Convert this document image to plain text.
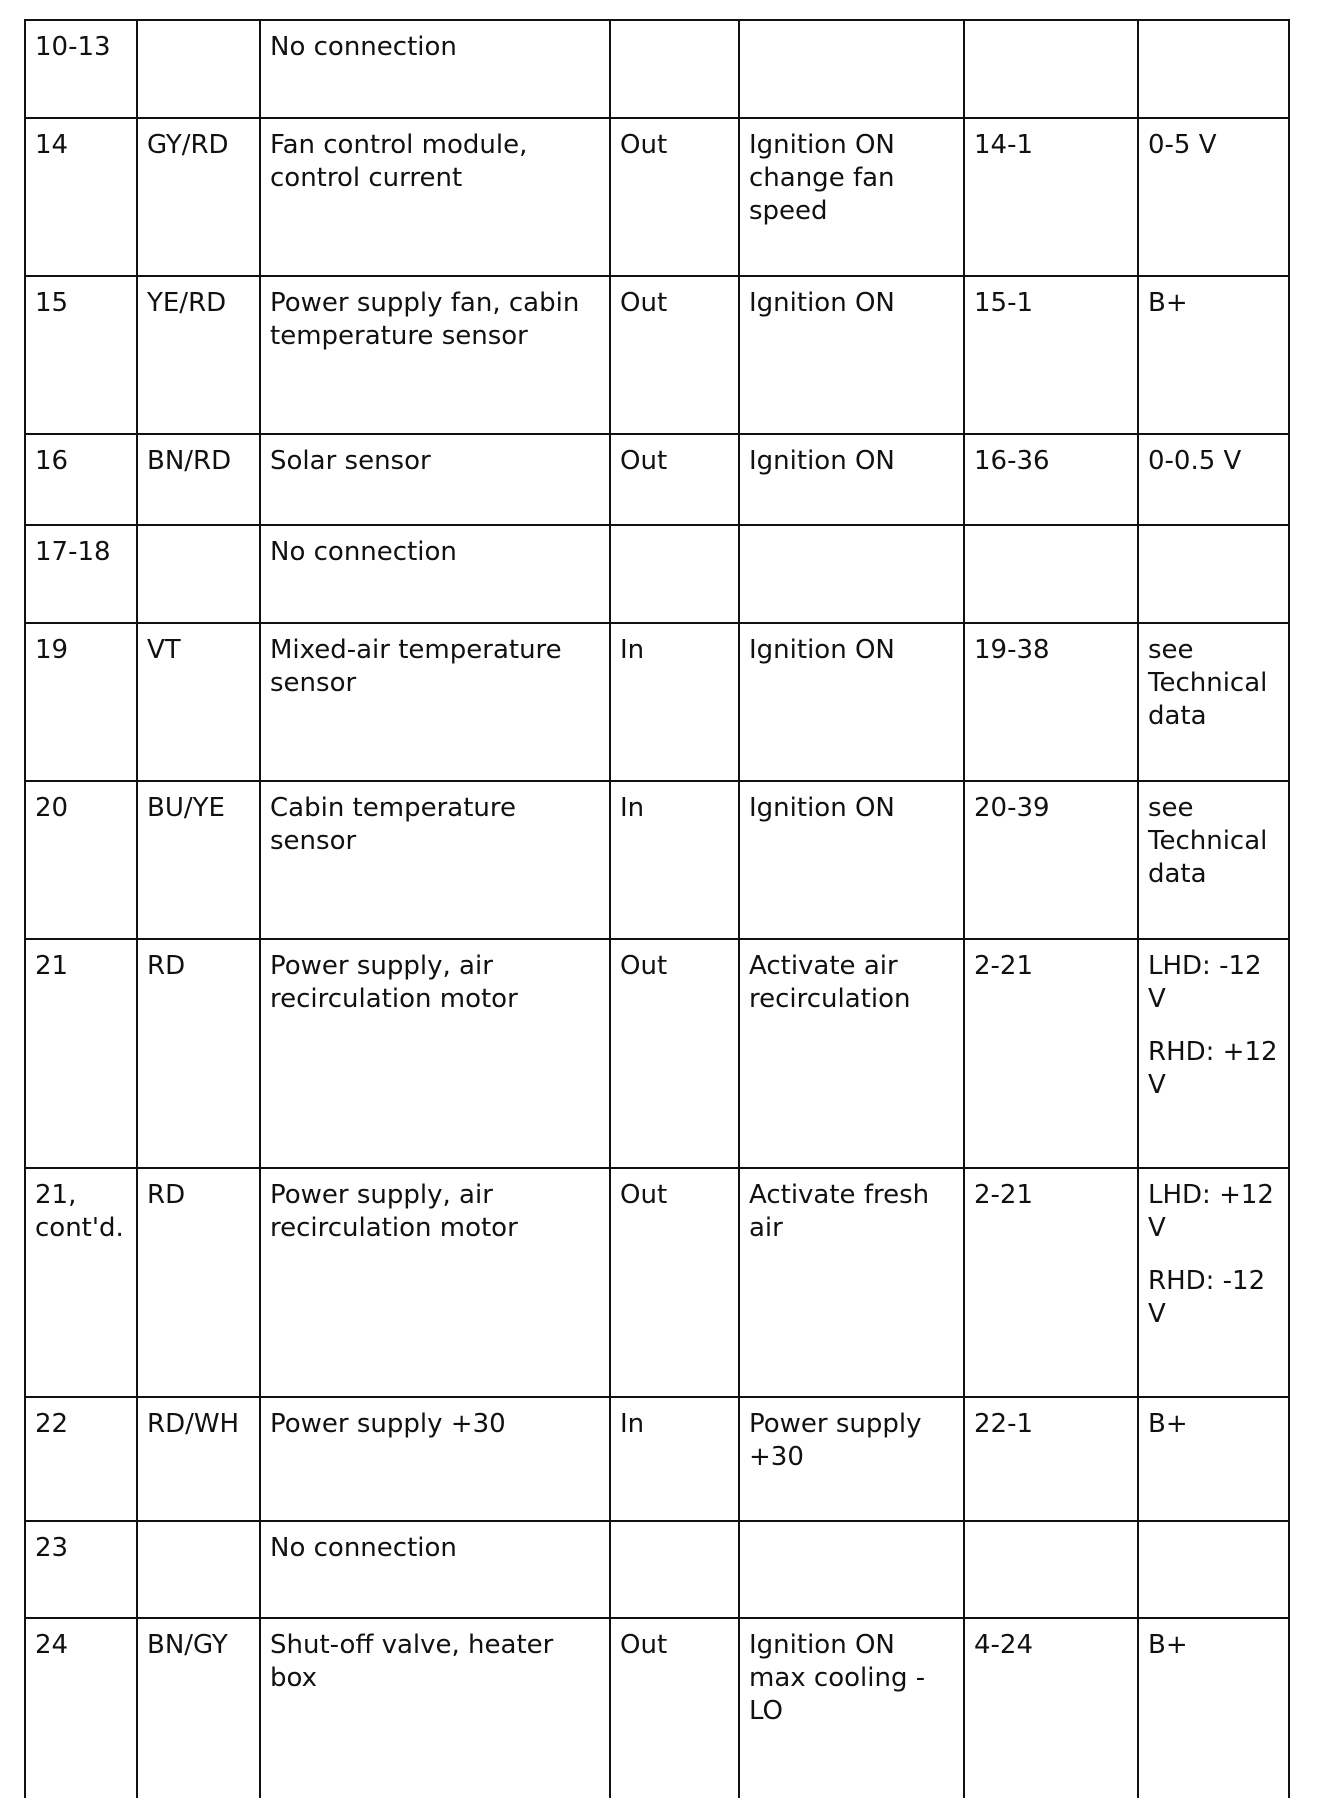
10-13		No connection				
14	GY/RD	Fan control module, control current	Out	Ignition ON change fan speed	14-1	0-5 V
15	YE/RD	Power supply fan, cabin temperature sensor	Out	Ignition ON	15-1	B+
16	BN/RD	Solar sensor	Out	Ignition ON	16-36	0-0.5 V
17-18		No connection				
19	VT	Mixed-air temperature sensor	In	Ignition ON	19-38	see Technical data
20	BU/YE	Cabin temperature sensor	In	Ignition ON	20-39	see Technical data
21	RD	Power supply, air recirculation motor	Out	Activate air recirculation	2-21	LHD: -12 V
RHD: +12 V

21, cont'd.	RD	Power supply, air recirculation motor	Out	Activate fresh air	2-21	LHD: +12 V
RHD: -12 V

22	RD/WH	Power supply +30	In	Power supply +30	22-1	B+
23		No connection				
24	BN/GY	Shut-off valve, heater box	Out	Ignition ON max cooling - LO	4-24	B+
